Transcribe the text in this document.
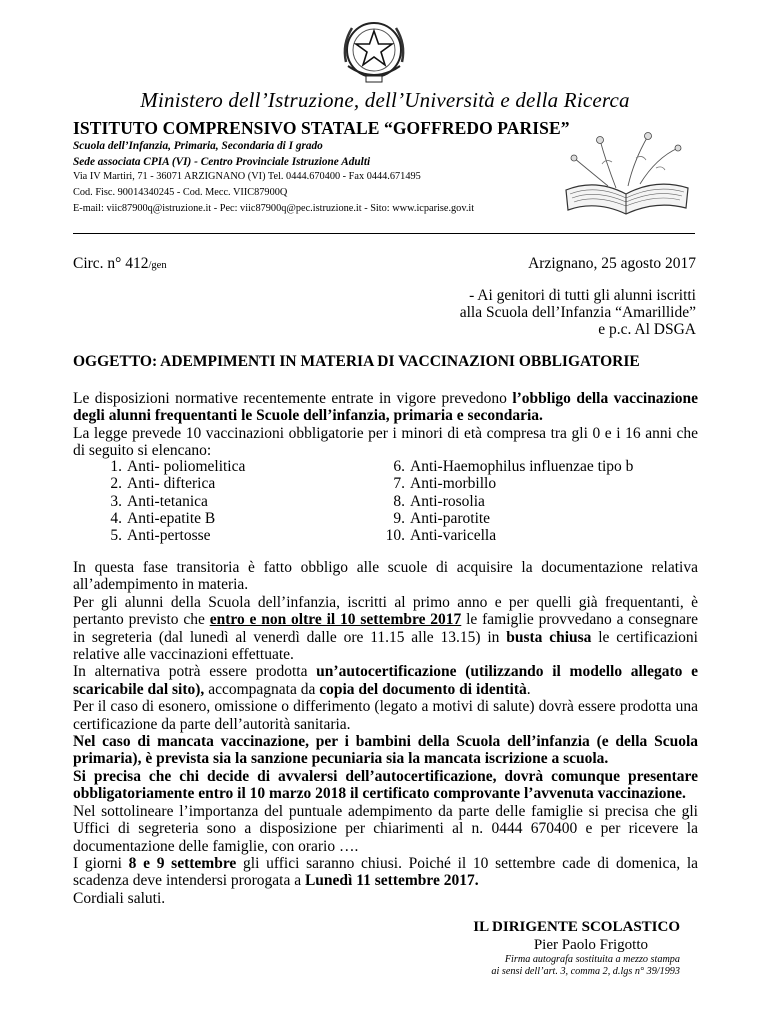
Ministero dell’Istruzione, dell’Università e della Ricerca
ISTITUTO COMPRENSIVO STATALE “GOFFREDO PARISE”
Scuola dell’Infanzia, Primaria, Secondaria di I grado
Sede associata CPIA (VI) - Centro Provinciale Istruzione Adulti
Via IV Martiri, 71 - 36071 ARZIGNANO (VI) Tel. 0444.670400 - Fax 0444.671495
Cod. Fisc. 90014340245 - Cod. Mecc. VIIC87900Q
E-mail: viic87900q@istruzione.it - Pec: viic87900q@pec.istruzione.it - Sito: www.icparise.gov.it
Circ. n° 412/gen	Arzignano, 25 agosto 2017
- Ai genitori di tutti gli alunni iscritti
alla Scuola dell’Infanzia “Amarillide”
e p.c. Al DSGA
OGGETTO: ADEMPIMENTI IN MATERIA DI VACCINAZIONI OBBLIGATORIE

Le disposizioni normative recentemente entrate in vigore prevedono l’obbligo della vaccinazione degli alunni frequentanti le Scuole dell’infanzia, primaria e secondaria.

La legge prevede 10 vaccinazioni obbligatorie per i minori di età compresa tra gli 0 e i 16 anni che di seguito si elencano:

1. Anti- poliomelitica
2. Anti- difterica
3. Anti-tetanica
4. Anti-epatite B
5. Anti-pertosse
6. Anti-Haemophilus influenzae tipo b
7. Anti-morbillo
8. Anti-rosolia
9. Anti-parotite
10. Anti-varicella

In questa fase transitoria è fatto obbligo alle scuole di acquisire la documentazione relativa all’adempimento in materia.

Per gli alunni della Scuola dell’infanzia, iscritti al primo anno e per quelli già frequentanti, è pertanto previsto che entro e non oltre il 10 settembre 2017 le famiglie provvedano a consegnare in segreteria (dal lunedì al venerdì dalle ore 11.15 alle 13.15) in busta chiusa le certificazioni relative alle vaccinazioni effettuate.

In alternativa potrà essere prodotta un’autocertificazione (utilizzando il modello allegato e scaricabile dal sito), accompagnata da copia del documento di identità.

Per il caso di esonero, omissione o differimento (legato a motivi di salute) dovrà essere prodotta una certificazione da parte dell’autorità sanitaria.

Nel caso di mancata vaccinazione, per i bambini della Scuola dell’infanzia (e della Scuola primaria), è prevista sia la sanzione pecuniaria sia la mancata iscrizione a scuola.

Si precisa che chi decide di avvalersi dell’autocertificazione, dovrà comunque presentare obbligatoriamente entro il 10 marzo 2018 il certificato comprovante l’avvenuta vaccinazione.

Nel sottolineare l’importanza del puntuale adempimento da parte delle famiglie si precisa che gli Uffici di segreteria sono a disposizione per chiarimenti al n. 0444 670400 e per ricevere la documentazione delle famiglie, con orario ….

I giorni 8 e 9 settembre gli uffici saranno chiusi. Poiché il 10 settembre cade di domenica, la scadenza deve intendersi prorogata a Lunedì 11 settembre 2017.

Cordiali saluti.

IL DIRIGENTE SCOLASTICO
Pier Paolo Frigotto
Firma autografa sostituita a mezzo stampa
ai sensi dell’art. 3, comma 2, d.lgs n° 39/1993
